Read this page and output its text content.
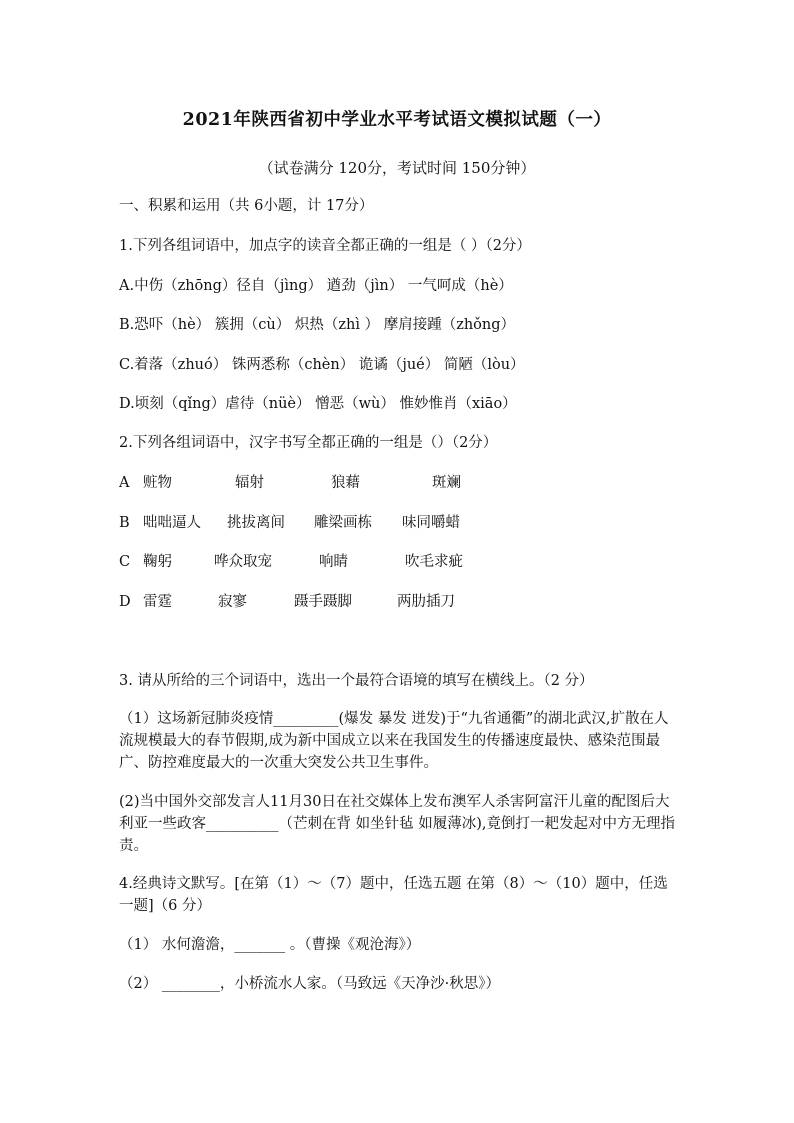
2021年陕西省初中学业水平考试语文模拟试题（一）
（试卷满分 120分，考试时间 150分钟）
一、积累和运用（共 6小题，计 17分）
1.下列各组词语中，加点字的读音全都正确的一组是（ ）（2分）
A.中伤（zhōng）径自（jìng） 遒劲（jìn） 一气呵成（hè）
B.恐吓（hè） 簇拥（cù） 炽热（zhì ） 摩肩接踵（zhǒng）
C.着落（zhuó） 铢两悉称（chèn） 诡谲（jué） 简陋（lòu）
D.顷刻（qǐng）虐待（nüè） 憎恶（wù） 惟妙惟肖（xiāo）
2.下列各组词语中，汉字书写全都正确的一组是（）（2分）
A 赃物	辐射	狼藉	斑斓
B 咄咄逼人 挑拔离间 雕梁画栋 味同嚼蜡
C 鞠躬	哗众取宠	响睛	吹毛求疵
D 雷霆	寂寥	蹑手蹑脚	两肋插刀
3. 请从所给的三个词语中，选出一个最符合语境的填写在横线上。（2 分）
（1）这场新冠肺炎疫情_________(爆发 暴发 迸发)于“九省通衢”的湖北武汉,扩散在人流规模最大的春节假期,成为新中国成立以来在我国发生的传播速度最快、感染范围最广、防控难度最大的一次重大突发公共卫生事件。
(2)当中国外交部发言人11月30日在社交媒体上发布澳军人杀害阿富汗儿童的配图后大利亚一些政客__________（芒刺在背 如坐针毡 如履薄冰),竟倒打一耙发起对中方无理指责。
4.经典诗文默写。[在第（1）～（7）题中，任选五题 在第（8）～（10）题中，任选一题]（6 分）
（1） 水何澹澹，_______ 。（曹操《观沧海》）
（2） ________，小桥流水人家。（马致远《天净沙·秋思》）
